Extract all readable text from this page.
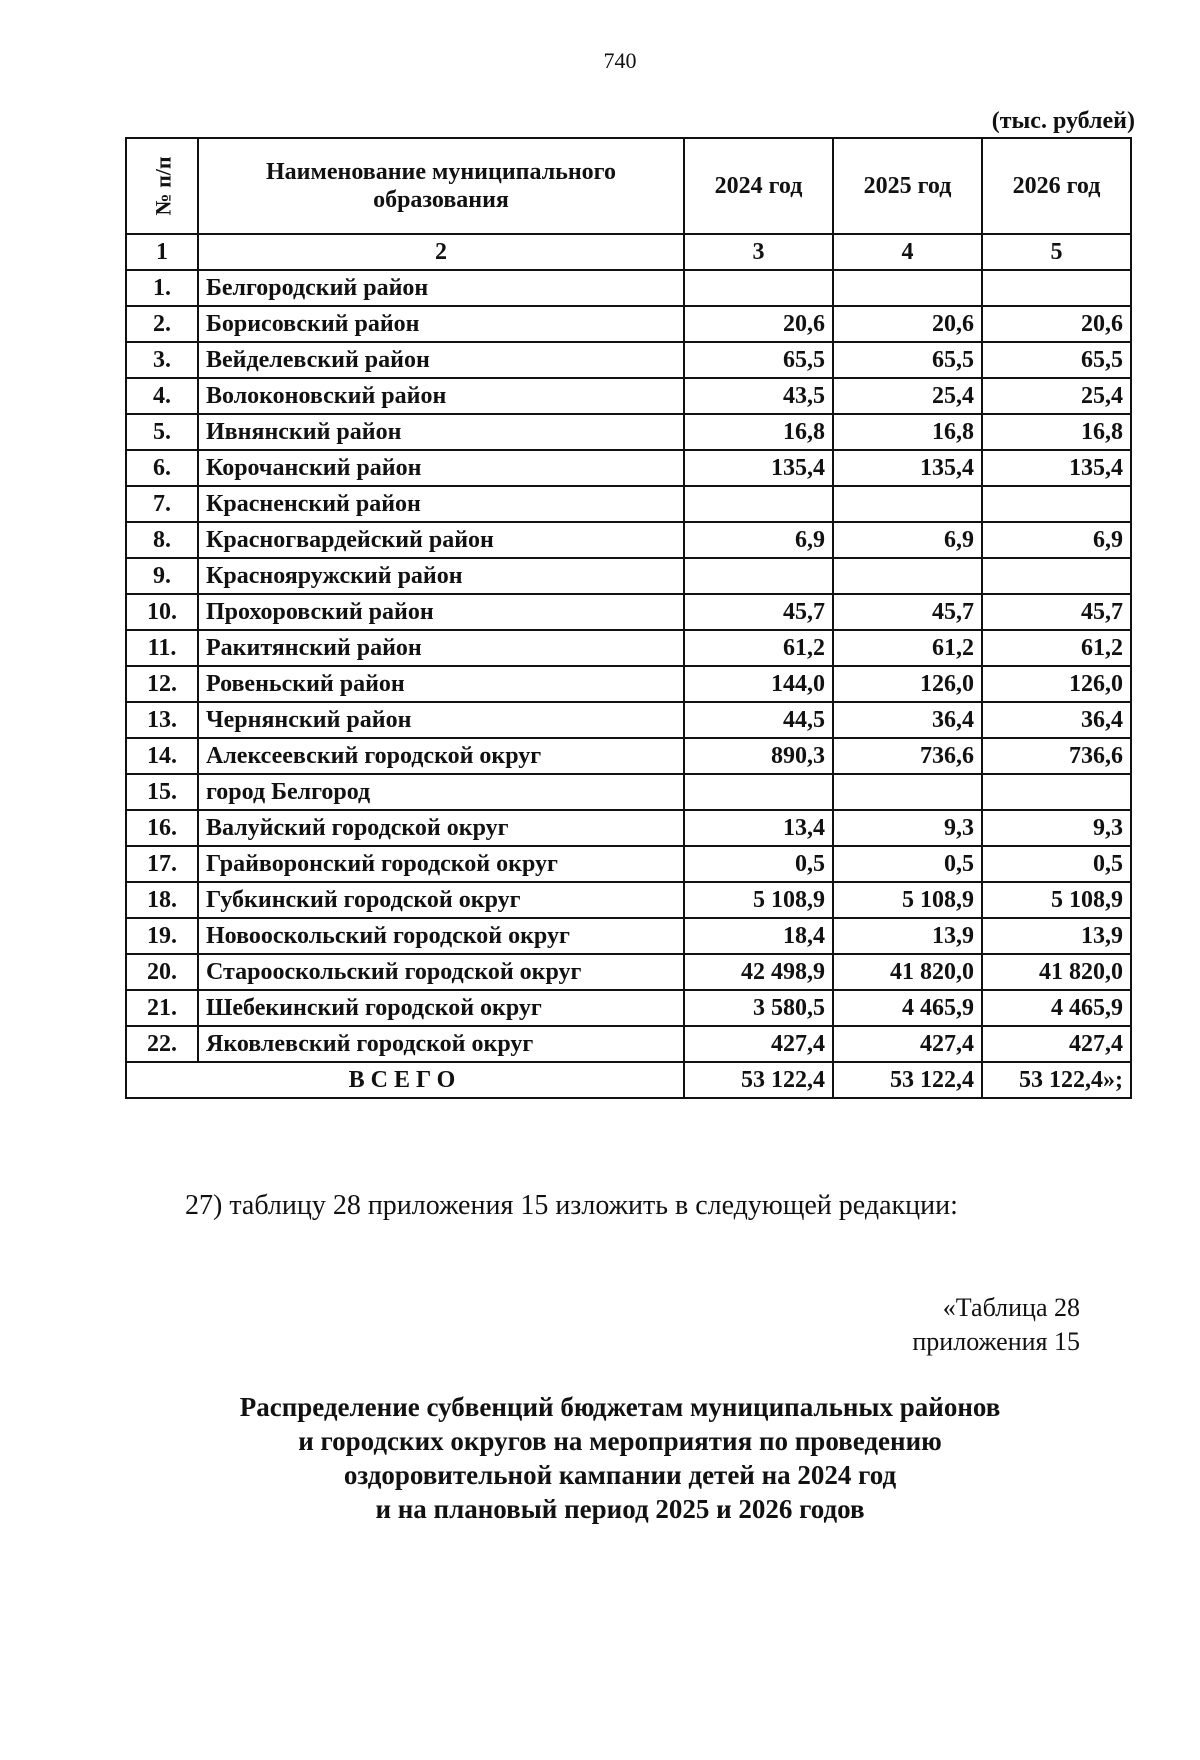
740
(тыс. рублей)
№ п/п	Наименование муниципального образования	2024 год	2025 год	2026 год
1	2	3	4	5
1.	Белгородский район			
2.	Борисовский район	20,6	20,6	20,6
3.	Вейделевский район	65,5	65,5	65,5
4.	Волоконовский район	43,5	25,4	25,4
5.	Ивнянский район	16,8	16,8	16,8
6.	Корочанский район	135,4	135,4	135,4
7.	Красненский район			
8.	Красногвардейский район	6,9	6,9	6,9
9.	Краснояружский район			
10.	Прохоровский район	45,7	45,7	45,7
11.	Ракитянский район	61,2	61,2	61,2
12.	Ровеньский район	144,0	126,0	126,0
13.	Чернянский район	44,5	36,4	36,4
14.	Алексеевский городской округ	890,3	736,6	736,6
15.	город Белгород			
16.	Валуйский городской округ	13,4	9,3	9,3
17.	Грайворонский городской округ	0,5	0,5	0,5
18.	Губкинский городской округ	5 108,9	5 108,9	5 108,9
19.	Новооскольский городской округ	18,4	13,9	13,9
20.	Старооскольский городской округ	42 498,9	41 820,0	41 820,0
21.	Шебекинский городской округ	3 580,5	4 465,9	4 465,9
22.	Яковлевский городской округ	427,4	427,4	427,4
ВСЕГО		53 122,4	53 122,4	53 122,4»;
27) таблицу 28 приложения 15 изложить в следующей редакции:
«Таблица 28
приложения 15
Распределение субвенций бюджетам муниципальных районов
и городских округов на мероприятия по проведению
оздоровительной кампании детей на 2024 год
и на плановый период 2025 и 2026 годов
